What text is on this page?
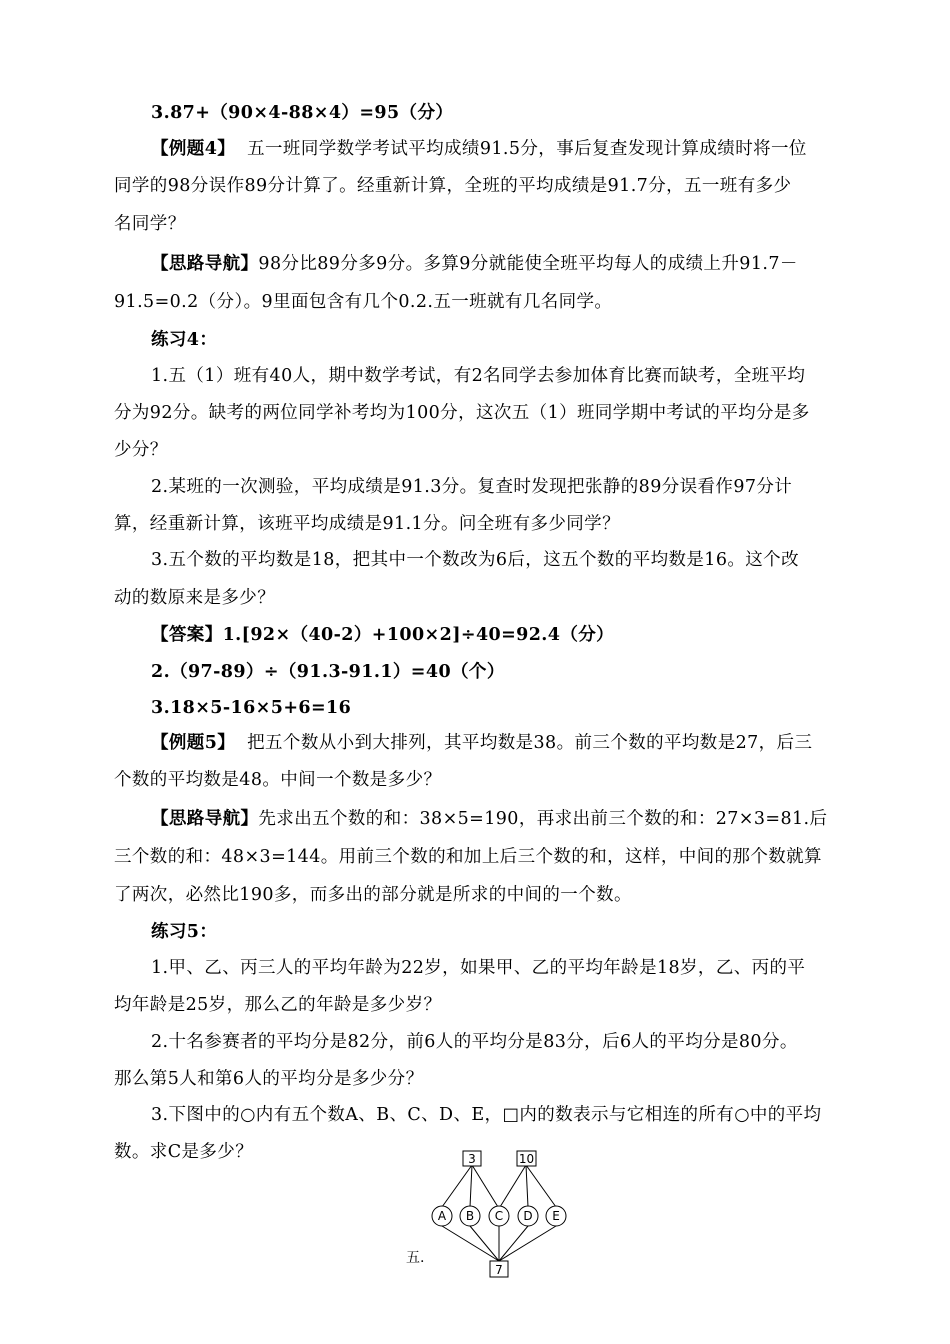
3.87+（90×4-88×4）=95（分）
【例题4】 五一班同学数学考试平均成绩91.5分，事后复查发现计算成绩时将一位
同学的98分误作89分计算了。经重新计算，全班的平均成绩是91.7分，五一班有多少
名同学？
【思路导航】98分比89分多9分。多算9分就能使全班平均每人的成绩上升91.7－
91.5=0.2（分）。9里面包含有几个0.2.五一班就有几名同学。
练习4：
1.五（1）班有40人，期中数学考试，有2名同学去参加体育比赛而缺考，全班平均
分为92分。缺考的两位同学补考均为100分，这次五（1）班同学期中考试的平均分是多
少分？
2.某班的一次测验，平均成绩是91.3分。复查时发现把张静的89分误看作97分计
算，经重新计算，该班平均成绩是91.1分。问全班有多少同学？
3.五个数的平均数是18，把其中一个数改为6后，这五个数的平均数是16。这个改
动的数原来是多少？
【答案】1.[92×（40-2）+100×2]÷40=92.4（分）
2.（97-89）÷（91.3-91.1）=40（个）
3.18×5-16×5+6=16
【例题5】 把五个数从小到大排列，其平均数是38。前三个数的平均数是27，后三
个数的平均数是48。中间一个数是多少？
【思路导航】先求出五个数的和：38×5=190，再求出前三个数的和：27×3=81.后
三个数的和：48×3=144。用前三个数的和加上后三个数的和，这样，中间的那个数就算
了两次，必然比190多，而多出的部分就是所求的中间的一个数。
练习5：
1.甲、乙、丙三人的平均年龄为22岁，如果甲、乙的平均年龄是18岁，乙、丙的平
均年龄是25岁，那么乙的年龄是多少岁？
2.十名参赛者的平均分是82分，前6人的平均分是83分，后6人的平均分是80分。
那么第5人和第6人的平均分是多少分？
3.下图中的○内有五个数A、B、C、D、E，□内的数表示与它相连的所有○中的平均
数。求C是多少？	3	10
7
A B C D E
五.
